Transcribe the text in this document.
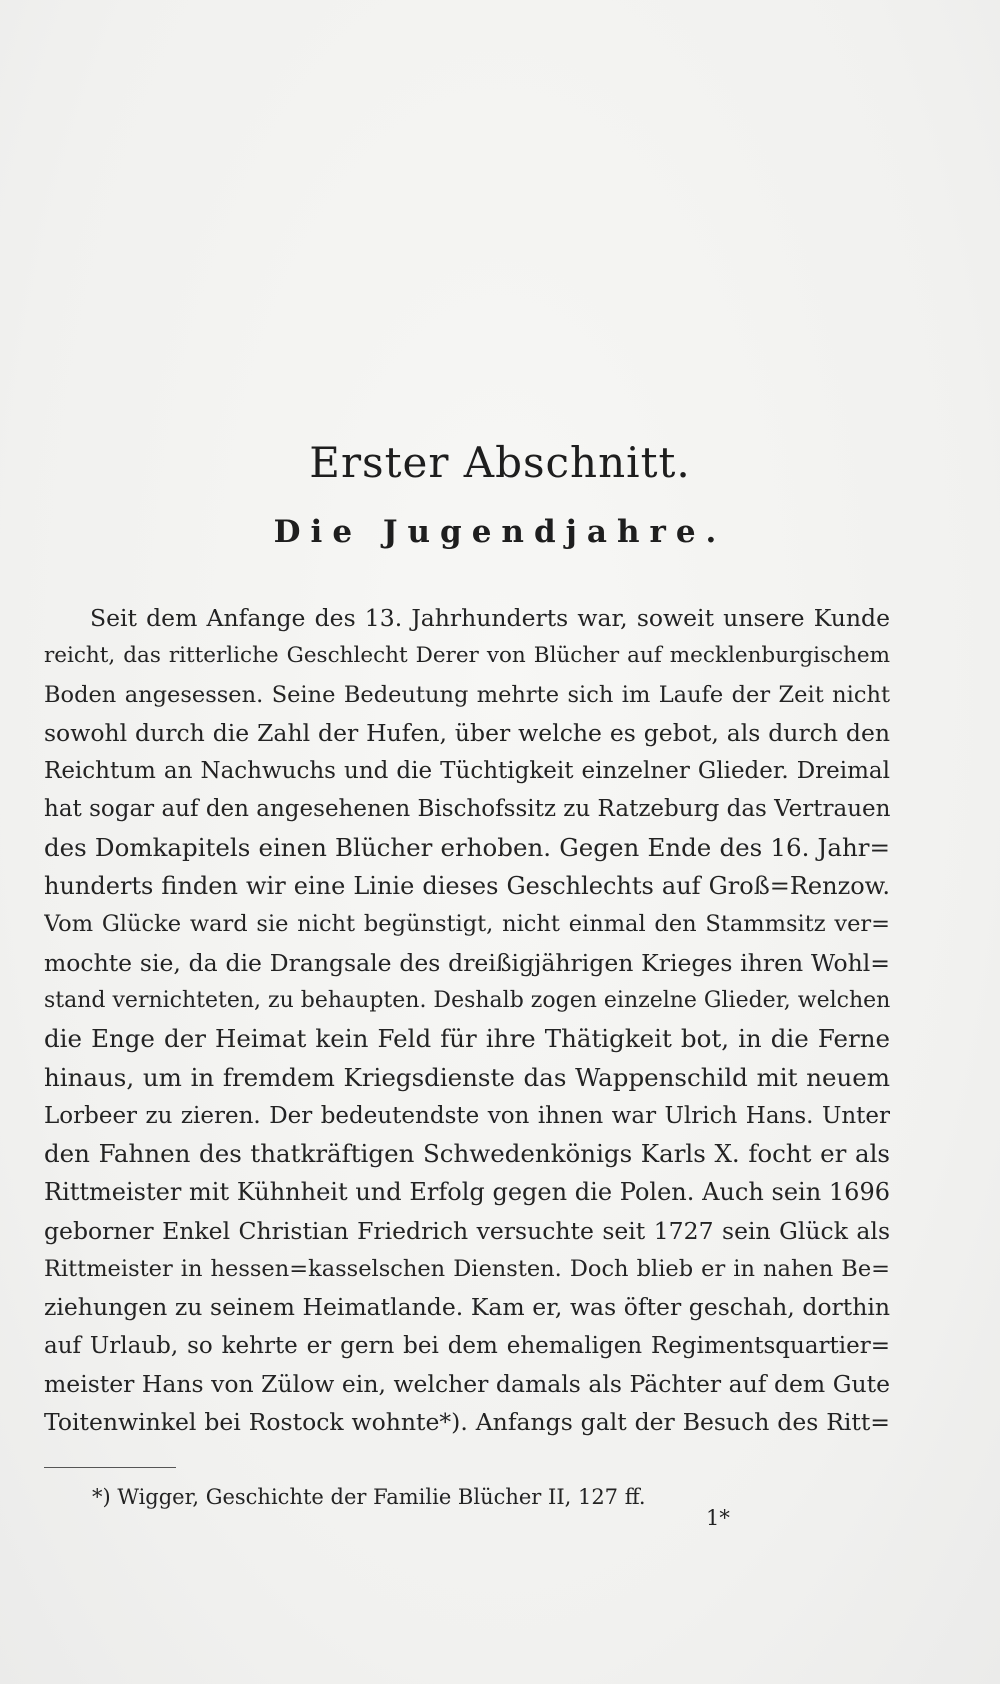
Erster Abschnitt.
Die Jugendjahre.
Seit dem Anfange des 13. Jahrhunderts war, soweit unsere Kunde
reicht, das ritterliche Geschlecht Derer von Blücher auf mecklenburgischem
Boden angesessen. Seine Bedeutung mehrte sich im Laufe der Zeit nicht
sowohl durch die Zahl der Hufen, über welche es gebot, als durch den
Reichtum an Nachwuchs und die Tüchtigkeit einzelner Glieder. Dreimal
hat sogar auf den angesehenen Bischofssitz zu Ratzeburg das Vertrauen
des Domkapitels einen Blücher erhoben. Gegen Ende des 16. Jahr=
hunderts finden wir eine Linie dieses Geschlechts auf Groß=Renzow.
Vom Glücke ward sie nicht begünstigt, nicht einmal den Stammsitz ver=
mochte sie, da die Drangsale des dreißigjährigen Krieges ihren Wohl=
stand vernichteten, zu behaupten. Deshalb zogen einzelne Glieder, welchen
die Enge der Heimat kein Feld für ihre Thätigkeit bot, in die Ferne
hinaus, um in fremdem Kriegsdienste das Wappenschild mit neuem
Lorbeer zu zieren. Der bedeutendste von ihnen war Ulrich Hans. Unter
den Fahnen des thatkräftigen Schwedenkönigs Karls X. focht er als
Rittmeister mit Kühnheit und Erfolg gegen die Polen. Auch sein 1696
geborner Enkel Christian Friedrich versuchte seit 1727 sein Glück als
Rittmeister in hessen=kasselschen Diensten. Doch blieb er in nahen Be=
ziehungen zu seinem Heimatlande. Kam er, was öfter geschah, dorthin
auf Urlaub, so kehrte er gern bei dem ehemaligen Regimentsquartier=
meister Hans von Zülow ein, welcher damals als Pächter auf dem Gute
Toitenwinkel bei Rostock wohnte*). Anfangs galt der Besuch des Ritt=
*) Wigger, Geschichte der Familie Blücher II, 127 ff.
1*
